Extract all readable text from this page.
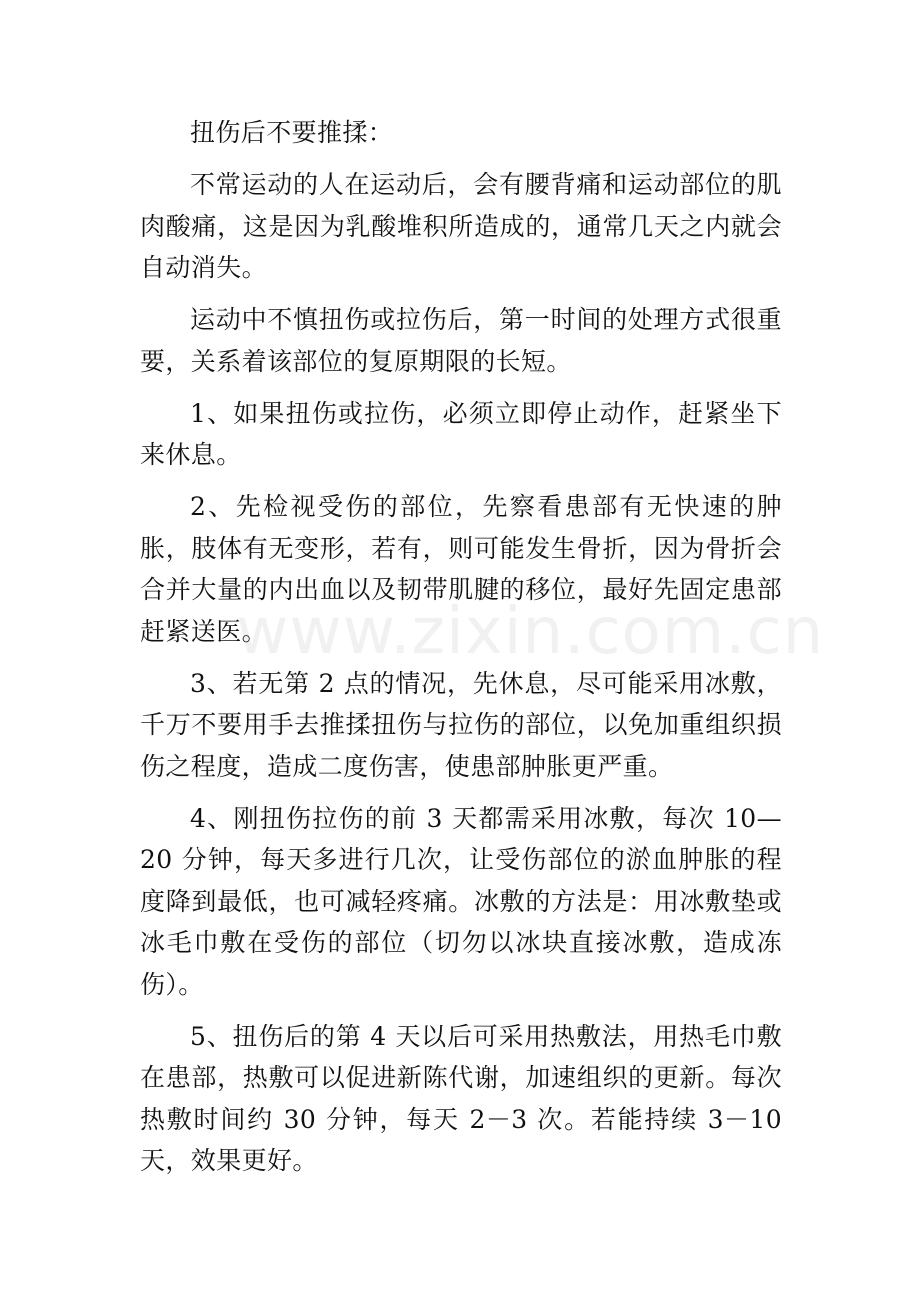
扭伤后不要推揉：

不常运动的人在运动后，会有腰背痛和运动部位的肌肉酸痛，这是因为乳酸堆积所造成的，通常几天之内就会自动消失。

运动中不慎扭伤或拉伤后，第一时间的处理方式很重要，关系着该部位的复原期限的长短。

1、如果扭伤或拉伤，必须立即停止动作，赶紧坐下来休息。

2、先检视受伤的部位，先察看患部有无快速的肿胀，肢体有无变形，若有，则可能发生骨折，因为骨折会合并大量的内出血以及韧带肌腱的移位，最好先固定患部赶紧送医。

3、若无第 2 点的情况，先休息，尽可能采用冰敷，千万不要用手去推揉扭伤与拉伤的部位，以免加重组织损伤之程度，造成二度伤害，使患部肿胀更严重。

4、刚扭伤拉伤的前 3 天都需采用冰敷，每次 10—20 分钟，每天多进行几次，让受伤部位的淤血肿胀的程度降到最低，也可减轻疼痛。冰敷的方法是：用冰敷垫或冰毛巾敷在受伤的部位（切勿以冰块直接冰敷，造成冻伤）。

5、扭伤后的第 4 天以后可采用热敷法，用热毛巾敷在患部，热敷可以促进新陈代谢，加速组织的更新。每次热敷时间约 30 分钟，每天 2－3 次。若能持续 3－10 天，效果更好。

www.zixin.com.cn
